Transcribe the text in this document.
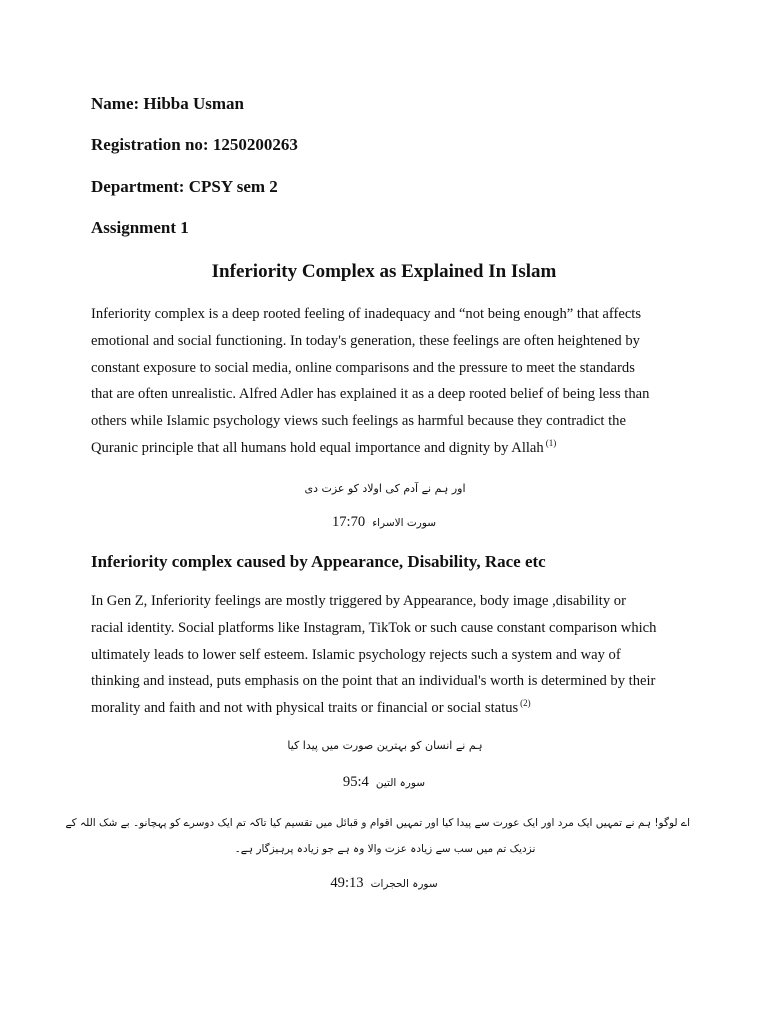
Name: Hibba Usman
Registration no: 1250200263
Department: CPSY sem 2
Assignment 1
Inferiority Complex as Explained In Islam
Inferiority complex is a deep rooted feeling of inadequacy and “not being enough” that affects
emotional and social functioning. In today's generation, these feelings are often heightened by
constant exposure to social media, online comparisons and the pressure to meet the standards
that are often unrealistic. Alfred Adler has explained it as a deep rooted belief of being less than
others while Islamic psychology views such feelings as harmful because they contradict the
Quranic principle that all humans hold equal importance and dignity by Allah $^{(1)}$
اور ہم نے آدم کی اولاد کو عزت دی
سورت الاسراء 17:70
Inferiority complex caused by Appearance, Disability, Race etc
In Gen Z, Inferiority feelings are mostly triggered by Appearance, body image ,disability or
racial identity. Social platforms like Instagram, TikTok or such cause constant comparison which
ultimately leads to lower self esteem. Islamic psychology rejects such a system and way of
thinking and instead, puts emphasis on the point that an individual's worth is determined by their
morality and faith and not with physical traits or financial or social status $^{(2)}$
ہم نے انسان کو بہترین صورت میں پیدا کیا
سورہ التین 95:4
اے لوگو! ہم نے تمہیں ایک مرد اور ایک عورت سے پیدا کیا اور تمہیں اقوام و قبائل میں تقسیم کیا تاکہ تم ایک دوسرے کو پہچانو۔ بے شک اللہ کے
نزدیک تم میں سب سے زیادہ عزت والا وہ ہے جو زیادہ پرہیزگار ہے۔
سورہ الحجرات 49:13
